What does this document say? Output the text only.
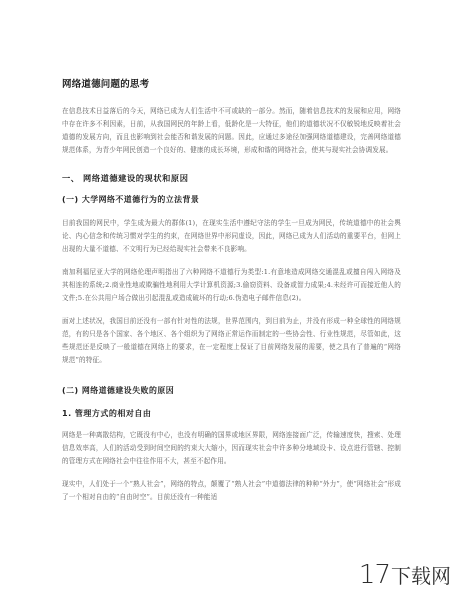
网络道德问题的思考

在信息技术日益落后的今天，网络已成为人们生活中不可或缺的一部分。然而，随着信息技术的发展和应用，网络中存在许多不利因素，日前，从我国网民的年龄上看，低龄化是一大特征，他们的道德状况不仅敏锐地反映着社会道德的发展方向，而且也影响到社会能否和谐发展的问题。因此，应通过多途径加强网络道德建设，完善网络道德规范体系，为青少年网民创造一个良好的、健康的成长环境，形成和谐的网络社会，使其与现实社会协调发展。

一、 网络道德建设的现状和原因
(一) 大学网络不道德行为的立法背景

目前我国的网民中，学生成为最大的群体(1)，在现实生活中遵纪守法的学生一旦成为网民，传统道德中的社会舆论、内心信念和传统习惯对学生的约束，在网络世界中形同虚设，因此，网络已成为人们活动的重要平台，但网上出现的大量不道德、不文明行为已经给现实社会带来不良影响。

南加利福尼亚大学的网络伦理声明指出了六种网络不道德行为类型:1.有意地造成网络交通混乱或擅自闯入网络及其相连的系统;2.商业性地或欺骗性地利用大学计算机资源;3.偷窃资料、设备或智力成果;4.未经许可而接近他人的文件;5.在公共用户场合做出引起混乱或造成破坏的行动;6.伪造电子邮件信息(2)。

面对上述状况，我国目前还没有一部有针对性的法规，世界范围内，到目前为止，并没有形成一种全球性的网络规范，有的只是各个国家、各个地区、各个组织为了网络正常运作而制定的一些协会性、行业性规范，尽管如此，这些规范还是反映了一般道德在网络上的要求，在一定程度上保证了目前网络发展的需要，使之具有了普遍的“网络规范”的特征。

(二) 网络道德建设失败的原因
1. 管理方式的相对自由

网络是一种离散结构，它既没有中心，也没有明确的国界或地区界限，网络连接面广泛，传输速度快，搜索、处理信息效率高，人们的活动受到时间空间的约束大大缩小，因而现实社会中许多种分地域设卡、设点进行管辖、控制的管理方式在网络社会中往往作用不大，甚至不起作用。

现实中，人们处于一个“熟人社会”，网络的特点，颠覆了“熟人社会”中道德法律的种种“外力”，使“网络社会”形成了一个相对自由的“自由时空”。目前还没有一种能适

17 下载网
